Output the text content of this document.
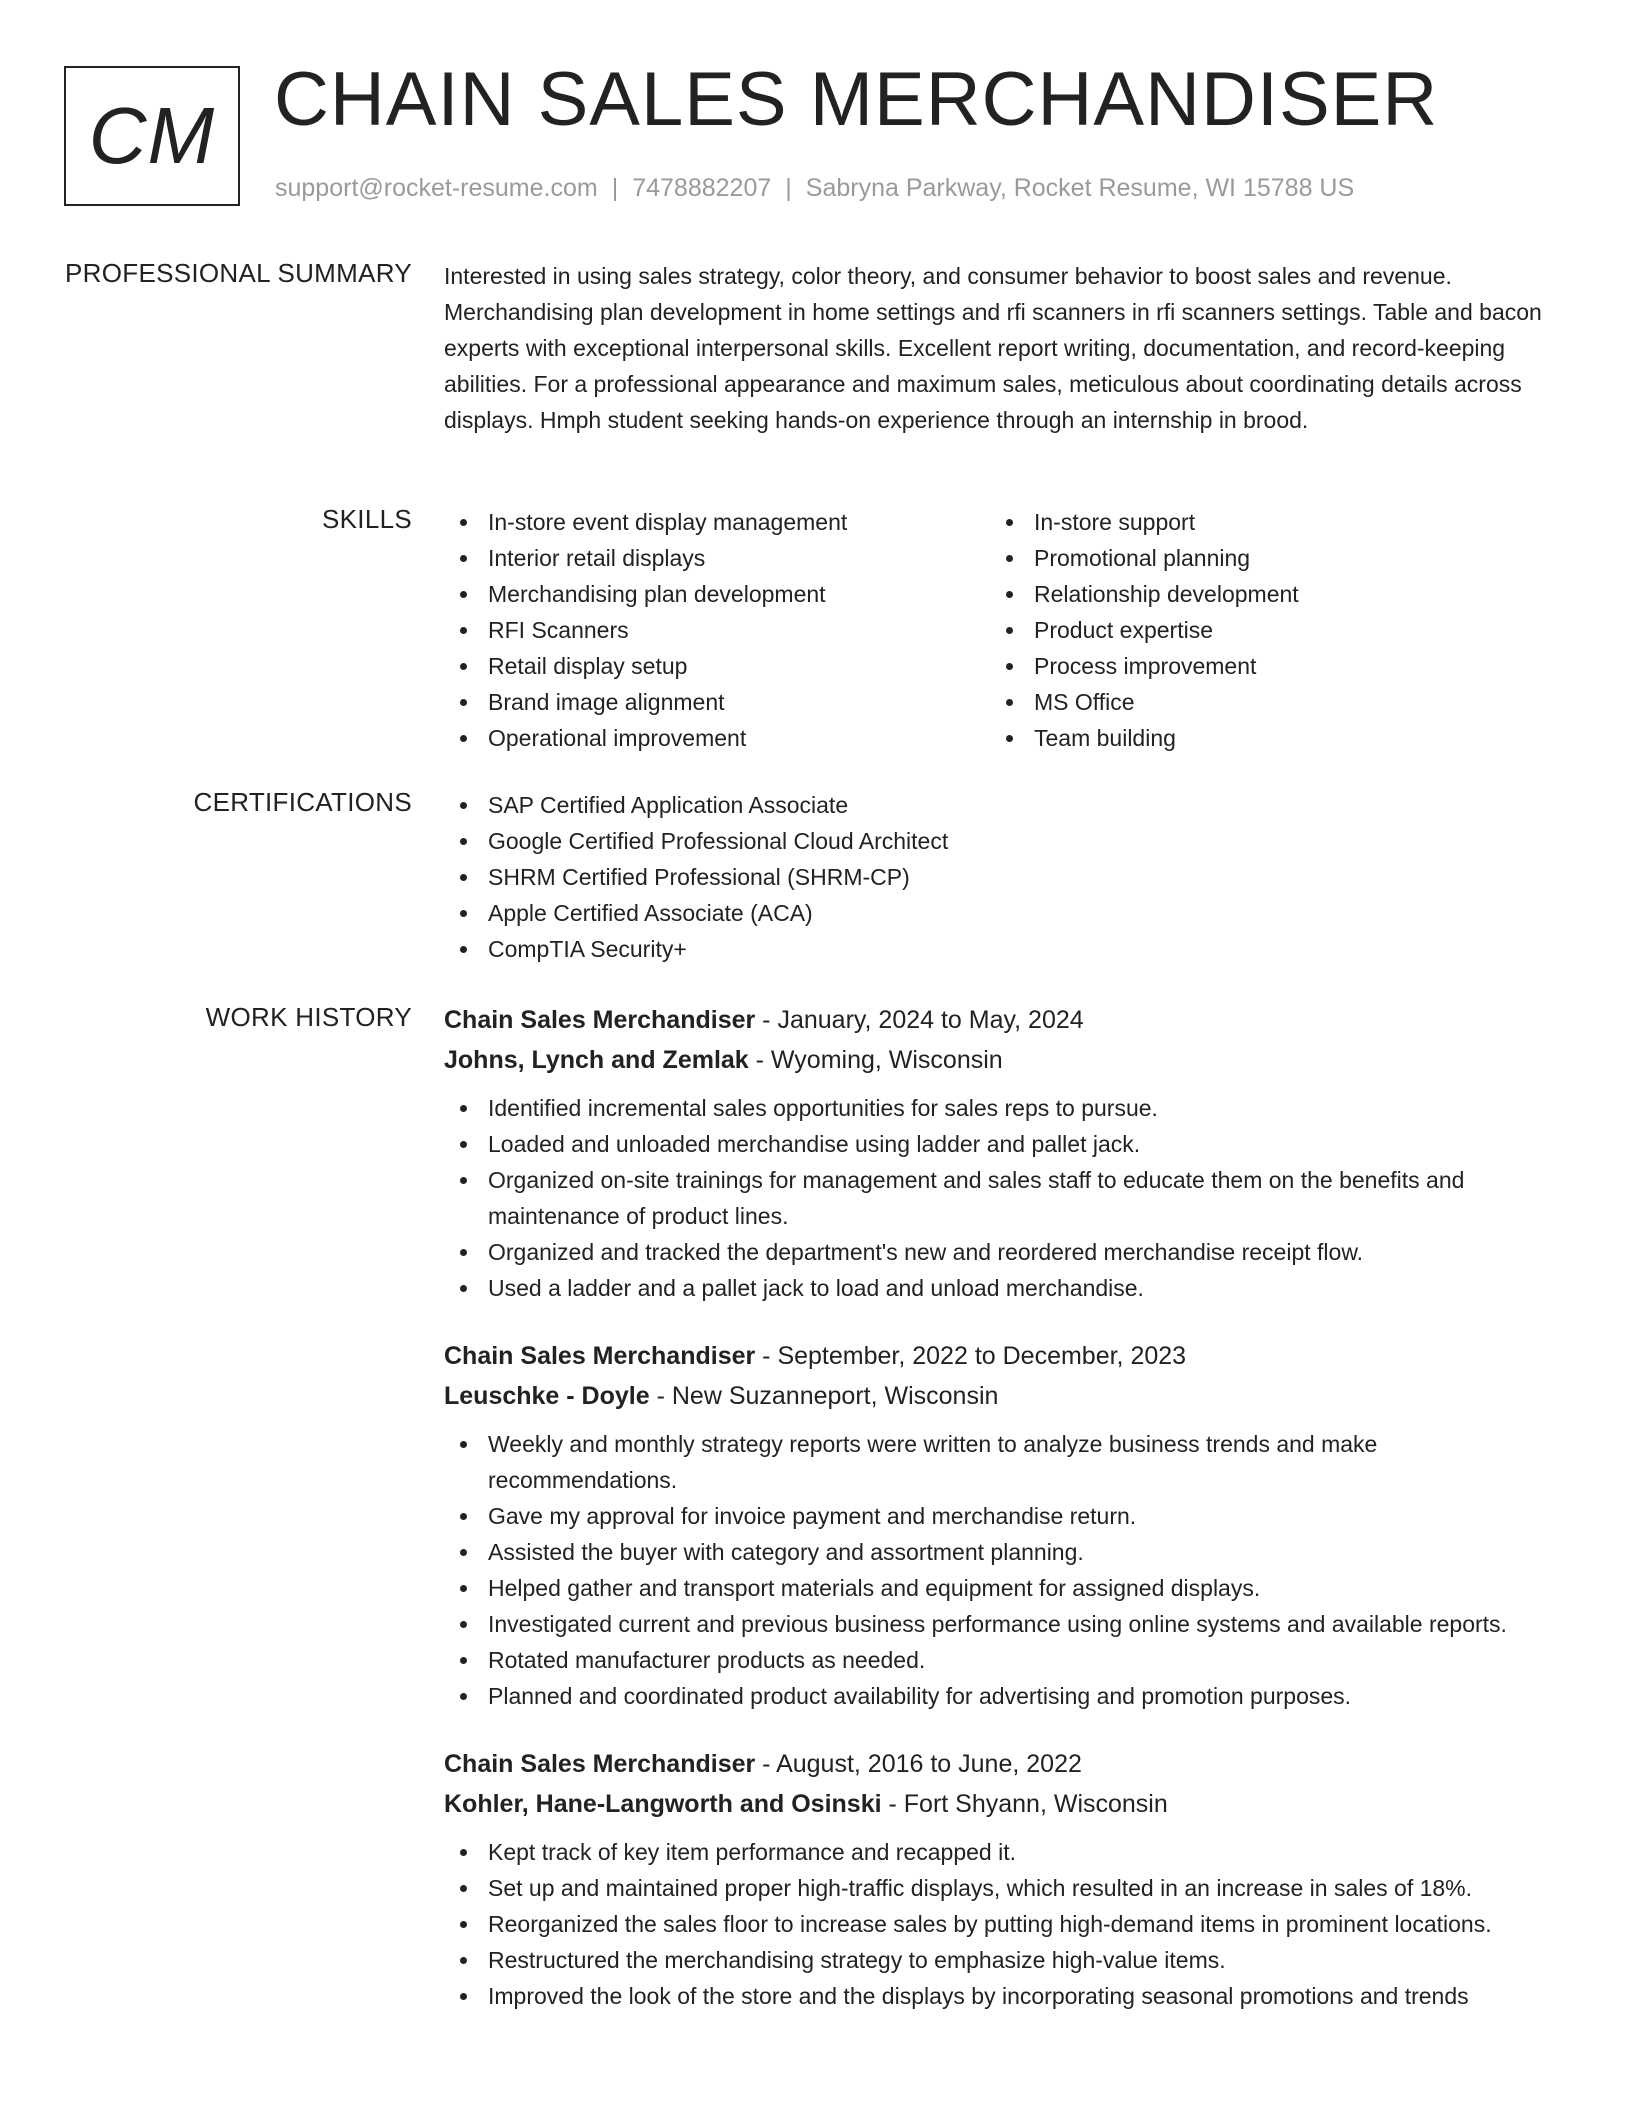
CM CHAIN SALES MERCHANDISER
support@rocket-resume.com | 7478882207 | Sabryna Parkway, Rocket Resume, WI 15788 US
PROFESSIONAL SUMMARY Interested in using sales strategy, color theory, and consumer behavior to boost sales and revenue. Merchandising plan development in home settings and rfi scanners in rfi scanners settings. Table and bacon experts with exceptional interpersonal skills. Excellent report writing, documentation, and record-keeping abilities. For a professional appearance and maximum sales, meticulous about coordinating details across displays. Hmph student seeking hands-on experience through an internship in brood.

SKILLS	In-store event display management
Interior retail displays
Merchandising plan development
RFI Scanners
Retail display setup
Brand image alignment
Operational improvement
In-store support
Promotional planning
Relationship development
Product expertise
Process improvement
MS Office
Team building
CERTIFICATIONS	SAP Certified Application Associate
Google Certified Professional Cloud Architect
SHRM Certified Professional (SHRM-CP)
Apple Certified Associate (ACA)
CompTIA Security+
WORK HISTORY Chain Sales Merchandiser - January, 2024 to May, 2024
Johns, Lynch and Zemlak - Wyoming, Wisconsin
Identified incremental sales opportunities for sales reps to pursue.
Loaded and unloaded merchandise using ladder and pallet jack.
Organized on-site trainings for management and sales staff to educate them on the benefits and maintenance of product lines.
Organized and tracked the department's new and reordered merchandise receipt flow.
Used a ladder and a pallet jack to load and unload merchandise.
Chain Sales Merchandiser - September, 2022 to December, 2023
Leuschke - Doyle - New Suzanneport, Wisconsin
Weekly and monthly strategy reports were written to analyze business trends and make recommendations.
Gave my approval for invoice payment and merchandise return.
Assisted the buyer with category and assortment planning.
Helped gather and transport materials and equipment for assigned displays.
Investigated current and previous business performance using online systems and available reports.
Rotated manufacturer products as needed.
Planned and coordinated product availability for advertising and promotion purposes.
Chain Sales Merchandiser - August, 2016 to June, 2022
Kohler, Hane-Langworth and Osinski - Fort Shyann, Wisconsin
Kept track of key item performance and recapped it.
Set up and maintained proper high-traffic displays, which resulted in an increase in sales of 18%.
Reorganized the sales floor to increase sales by putting high-demand items in prominent locations.
Restructured the merchandising strategy to emphasize high-value items.
Improved the look of the store and the displays by incorporating seasonal promotions and trends
